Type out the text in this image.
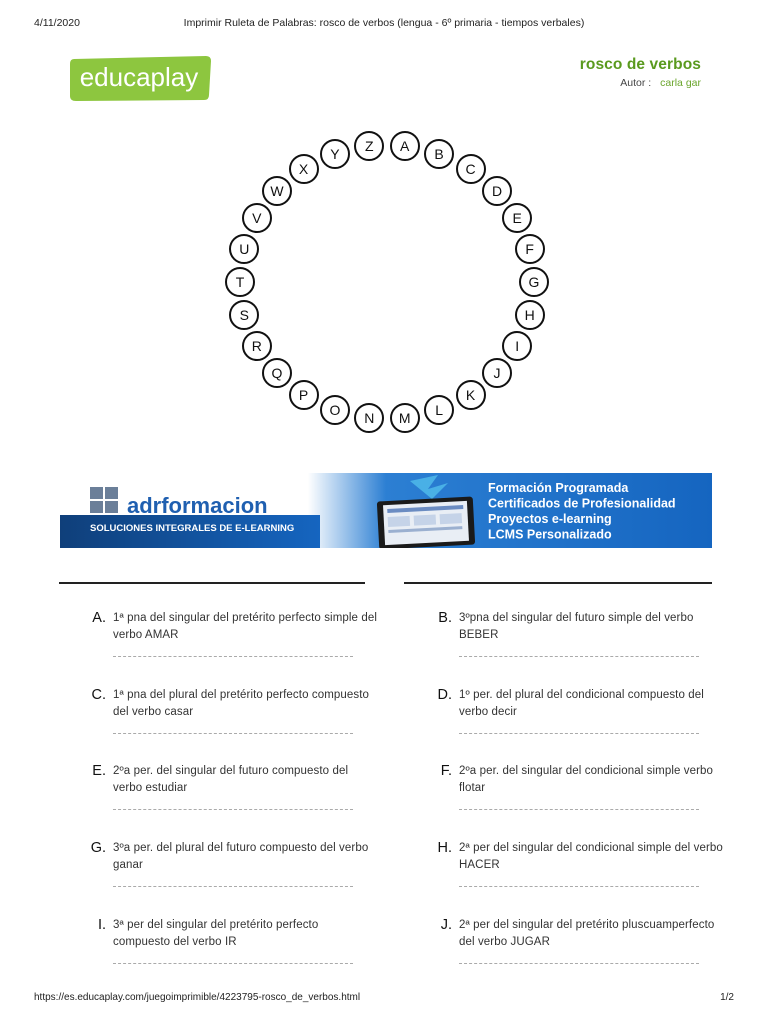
4/11/2020	Imprimir Ruleta de Palabras: rosco de verbos (lengua - 6º primaria - tiempos verbales)
educaplay	rosco de verbos
Autor : carla gar
A	B
C
D
E
F
G
H
I
J
K
L
M
N
O
P
Q
R
S
T
U
V
W
X
Y	Z
adrformacion
SOLUCIONES INTEGRALES DE E-LEARNING
Formación Programada
Certificados de Profesionalidad
Proyectos e-learning
LCMS Personalizado
A. 1ª pna del singular del pretérito perfecto simple del verbo AMAR
B. 3ºpna del singular del futuro simple del verbo BEBER
C. 1ª pna del plural del pretérito perfecto compuesto del verbo casar
D. 1º per. del plural del condicional compuesto del verbo decir
E. 2ºa per. del singular del futuro compuesto del verbo estudiar
F. 2ºa per. del singular del condicional simple verbo flotar
G. 3ºa per. del plural del futuro compuesto del verbo ganar
H. 2ª per del singular del condicional simple del verbo HACER
I. 3ª per del singular del pretérito perfecto compuesto del verbo IR
J. 2ª per del singular del pretérito pluscuamperfecto del verbo JUGAR
https://es.educaplay.com/juegoimprimible/4223795-rosco_de_verbos.html	1/2
